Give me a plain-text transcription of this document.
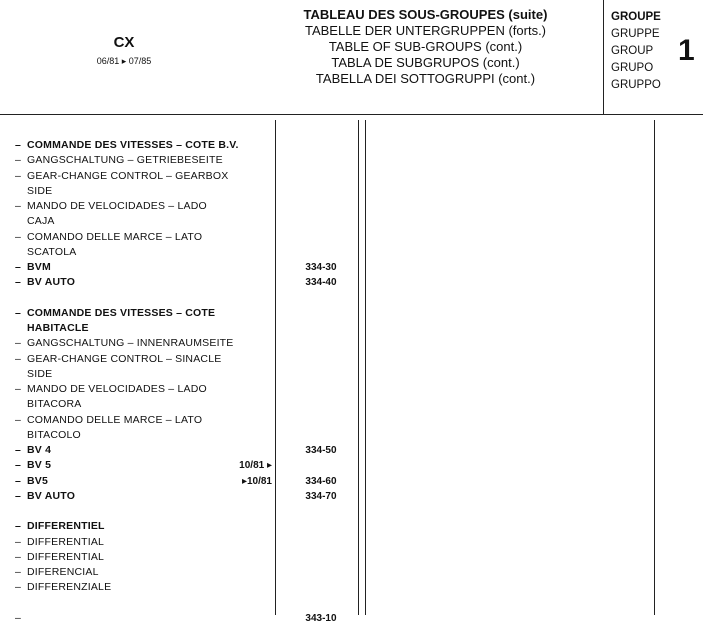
CX
06/81 ▸ 07/85
TABLEAU DES SOUS-GROUPES (suite)
TABELLE DER UNTERGRUPPEN (forts.)
TABLE OF SUB-GROUPS (cont.)
TABLA DE SUBGRUPOS (cont.)
TABELLA DEI SOTTOGRUPPI (cont.)
GROUPE
GRUPPE
GROUP
GRUPO
GRUPPO
1
– COMMANDE DES VITESSES – COTE B.V.
– GANGSCHALTUNG – GETRIEBESEITE
– GEAR-CHANGE CONTROL – GEARBOX
SIDE
– MANDO DE VELOCIDADES – LADO
CAJA
– COMANDO DELLE MARCE – LATO
SCATOLA
– BVM	334-30
– BV AUTO	334-40
– COMMANDE DES VITESSES – COTE
HABITACLE
– GANGSCHALTUNG – INNENRAUMSEITE
– GEAR-CHANGE CONTROL – SINACLE
SIDE
– MANDO DE VELOCIDADES – LADO
BITACORA
– COMANDO DELLE MARCE – LATO
BITACOLO
– BV 4	334-50
– BV 5	10/81 ▸
– BV5	▸10/81	334-60
– BV AUTO	334-70
– DIFFERENTIEL
– DIFFERENTIAL
– DIFFERENTIAL
– DIFERENCIAL
– DIFFERENZIALE
–	343-10
